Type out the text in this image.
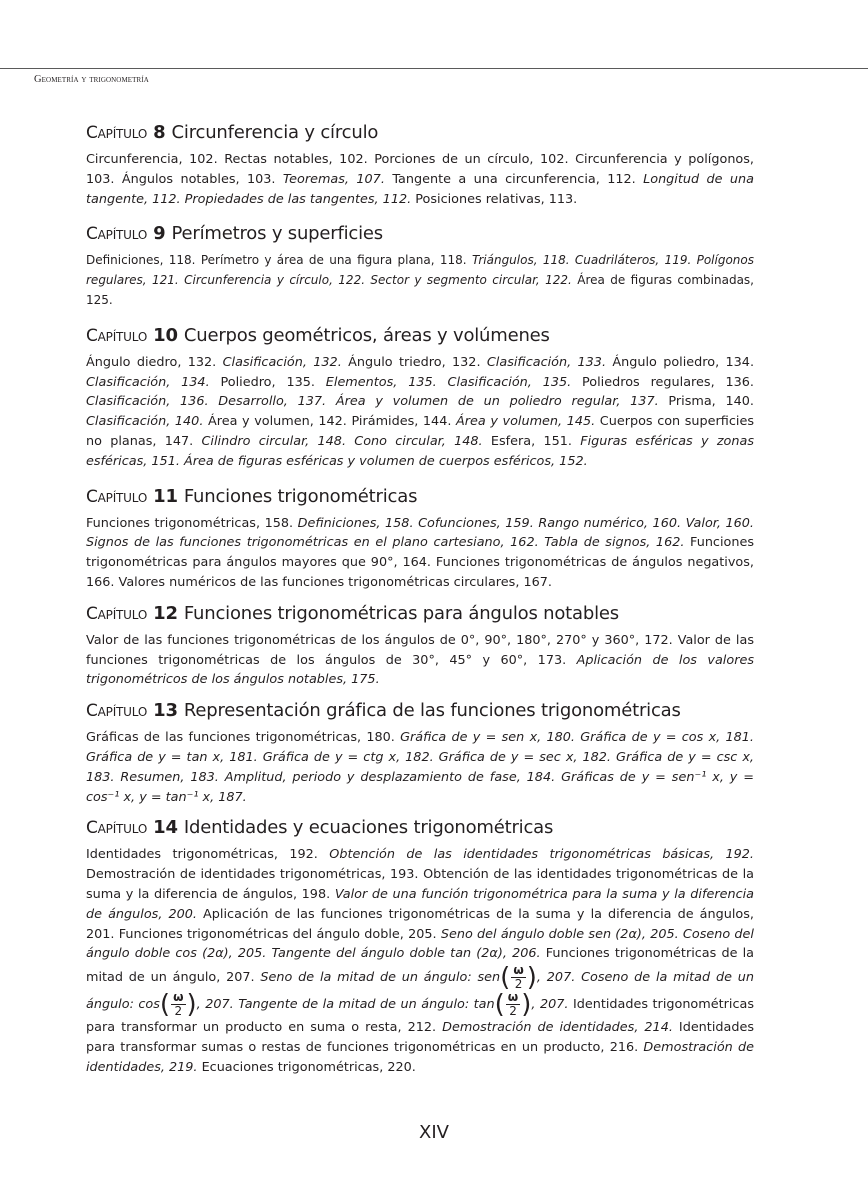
Geometría y trigonometría
Capítulo 8 Circunferencia y círculo

Circunferencia, 102. Rectas notables, 102. Porciones de un círculo, 102. Circunferencia y polígonos, 103. Ángulos notables, 103. Teoremas, 107. Tangente a una circunferencia, 112. Longitud de una tangente, 112. Propiedades de las tangentes, 112. Posiciones relativas, 113.

Capítulo 9 Perímetros y superficies

Definiciones, 118. Perímetro y área de una figura plana, 118. Triángulos, 118. Cuadriláteros, 119. Polígonos regulares, 121. Circunferencia y círculo, 122. Sector y segmento circular, 122. Área de figuras combinadas, 125.

Capítulo 10 Cuerpos geométricos, áreas y volúmenes

Ángulo diedro, 132. Clasificación, 132. Ángulo triedro, 132. Clasificación, 133. Ángulo poliedro, 134. Clasificación, 134. Poliedro, 135. Elementos, 135. Clasificación, 135. Poliedros regulares, 136. Clasificación, 136. Desarrollo, 137. Área y volumen de un poliedro regular, 137. Prisma, 140. Clasificación, 140. Área y volumen, 142. Pirámides, 144. Área y volumen, 145. Cuerpos con superficies no planas, 147. Cilindro circular, 148. Cono circular, 148. Esfera, 151. Figuras esféricas y zonas esféricas, 151. Área de figuras esféricas y volumen de cuerpos esféricos, 152.

Capítulo 11 Funciones trigonométricas

Funciones trigonométricas, 158. Definiciones, 158. Cofunciones, 159. Rango numérico, 160. Valor, 160. Signos de las funciones trigonométricas en el plano cartesiano, 162. Tabla de signos, 162. Funciones trigonométricas para ángulos mayores que 90°, 164. Funciones trigonométricas de ángulos negativos, 166. Valores numéricos de las funciones trigonométricas circulares, 167.

Capítulo 12 Funciones trigonométricas para ángulos notables

Valor de las funciones trigonométricas de los ángulos de 0°, 90°, 180°, 270° y 360°, 172. Valor de las funciones trigonométricas de los ángulos de 30°, 45° y 60°, 173. Aplicación de los valores trigonométricos de los ángulos notables, 175.

Capítulo 13 Representación gráfica de las funciones trigonométricas

Gráficas de las funciones trigonométricas, 180. Gráfica de y = sen x, 180. Gráfica de y = cos x, 181. Gráfica de y = tan x, 181. Gráfica de y = ctg x, 182. Gráfica de y = sec x, 182. Gráfica de y = csc x, 183. Resumen, 183. Amplitud, periodo y desplazamiento de fase, 184. Gráficas de y = sen⁻¹ x, y = cos⁻¹ x, y = tan⁻¹ x, 187.

Capítulo 14 Identidades y ecuaciones trigonométricas

Identidades trigonométricas, 192. Obtención de las identidades trigonométricas básicas, 192. Demostración de identidades trigonométricas, 193. Obtención de las identidades trigonométricas de la suma y la diferencia de ángulos, 198. Valor de una función trigonométrica para la suma y la diferencia de ángulos, 200. Aplicación de las funciones trigonométricas de la suma y la diferencia de ángulos, 201. Funciones trigonométricas del ángulo doble, 205. Seno del ángulo doble sen (2α), 205. Coseno del ángulo doble cos (2α), 205. Tangente del ángulo doble tan (2α), 206. Funciones trigonométricas de la mitad de un ángulo, 207. Seno de la mitad de un ángulo: $sen( \frac{\omega}{2}$ ), 207. Coseno de la mitad de un ángulo: $\cos( \frac{\omega}{2}$ ), 207. Tangente de la mitad de un ángulo: $\tan( \frac{\omega}{2}$ ), 207. Identidades trigonométricas para transformar un producto en suma o resta, 212. Demostración de identidades, 214. Identidades para transformar sumas o restas de funciones trigonométricas en un producto, 216. Demostración de identidades, 219. Ecuaciones trigonométricas, 220.

XIV
